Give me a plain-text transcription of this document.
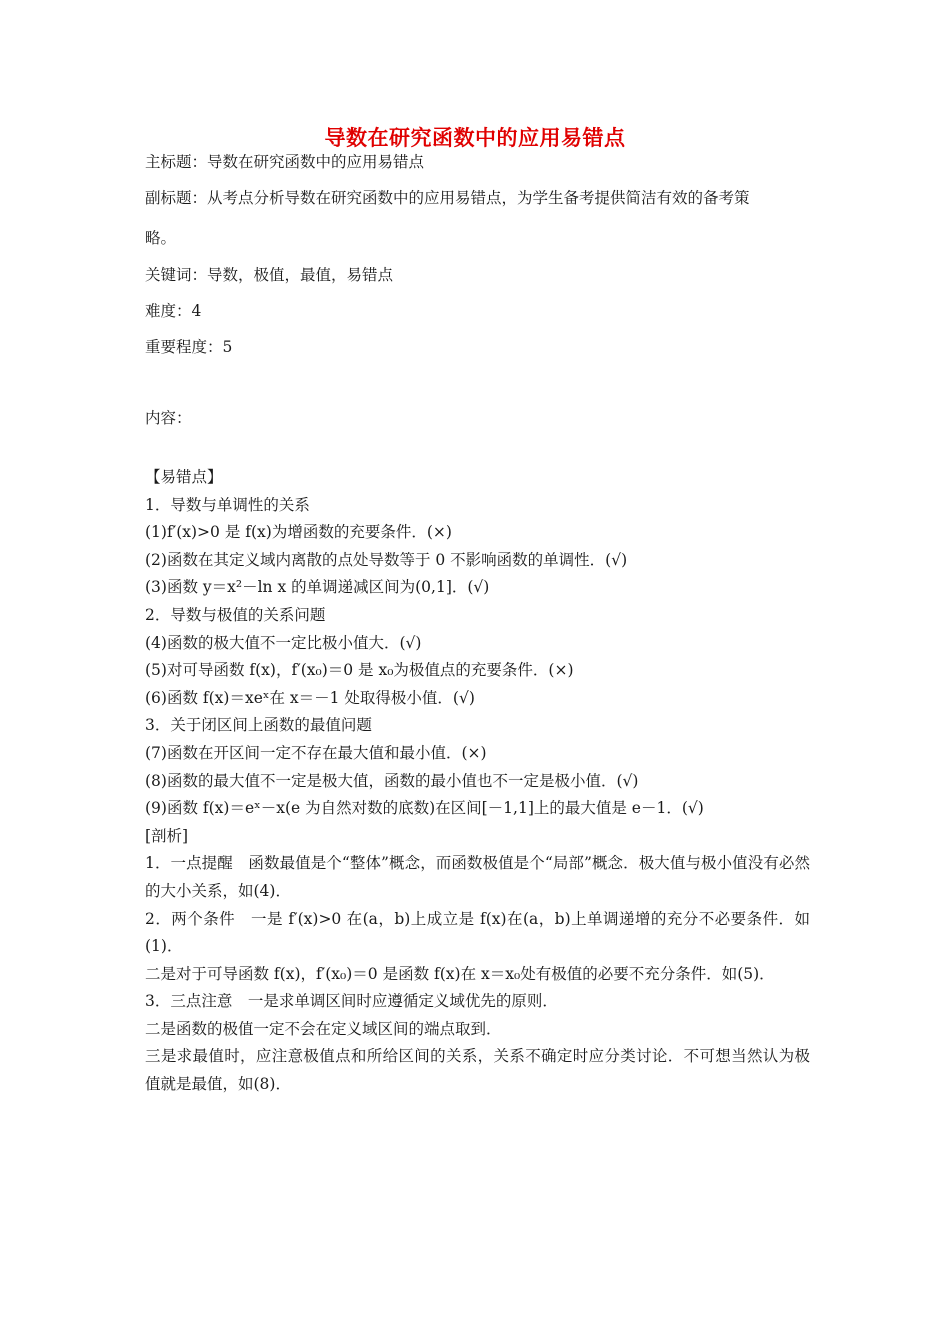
导数在研究函数中的应用易错点
主标题：导数在研究函数中的应用易错点
副标题：从考点分析导数在研究函数中的应用易错点，为学生备考提供简洁有效的备考策
略。
关键词：导数，极值，最值，易错点
难度：4
重要程度：5
内容：
【易错点】
1．导数与单调性的关系
(1)f′(x)>0 是 f(x)为增函数的充要条件．(×)
(2)函数在其定义域内离散的点处导数等于 0 不影响函数的单调性．(√)
(3)函数 y＝x²－ln x 的单调递减区间为(0,1]．(√)
2．导数与极值的关系问题
(4)函数的极大值不一定比极小值大．(√)
(5)对可导函数 f(x)，f′(x₀)＝0 是 x₀为极值点的充要条件．(×)
(6)函数 f(x)＝xeˣ在 x＝－1 处取得极小值．(√)
3．关于闭区间上函数的最值问题
(7)函数在开区间一定不存在最大值和最小值．(×)
(8)函数的最大值不一定是极大值，函数的最小值也不一定是极小值．(√)
(9)函数 f(x)＝eˣ－x(e 为自然对数的底数)在区间[－1,1]上的最大值是 e－1．(√)
[剖析]
1．一点提醒　函数最值是个“整体”概念，而函数极值是个“局部”概念．极大值与极小值没有必然的大小关系，如(4)．
2．两个条件　一是 f′(x)>0 在(a，b)上成立是 f(x)在(a，b)上单调递增的充分不必要条件．如(1)．
二是对于可导函数 f(x)，f′(x₀)＝0 是函数 f(x)在 x＝x₀处有极值的必要不充分条件．如(5)．
3．三点注意　一是求单调区间时应遵循定义域优先的原则．
二是函数的极值一定不会在定义域区间的端点取到．
三是求最值时，应注意极值点和所给区间的关系，关系不确定时应分类讨论．不可想当然认为极值就是最值，如(8)．
